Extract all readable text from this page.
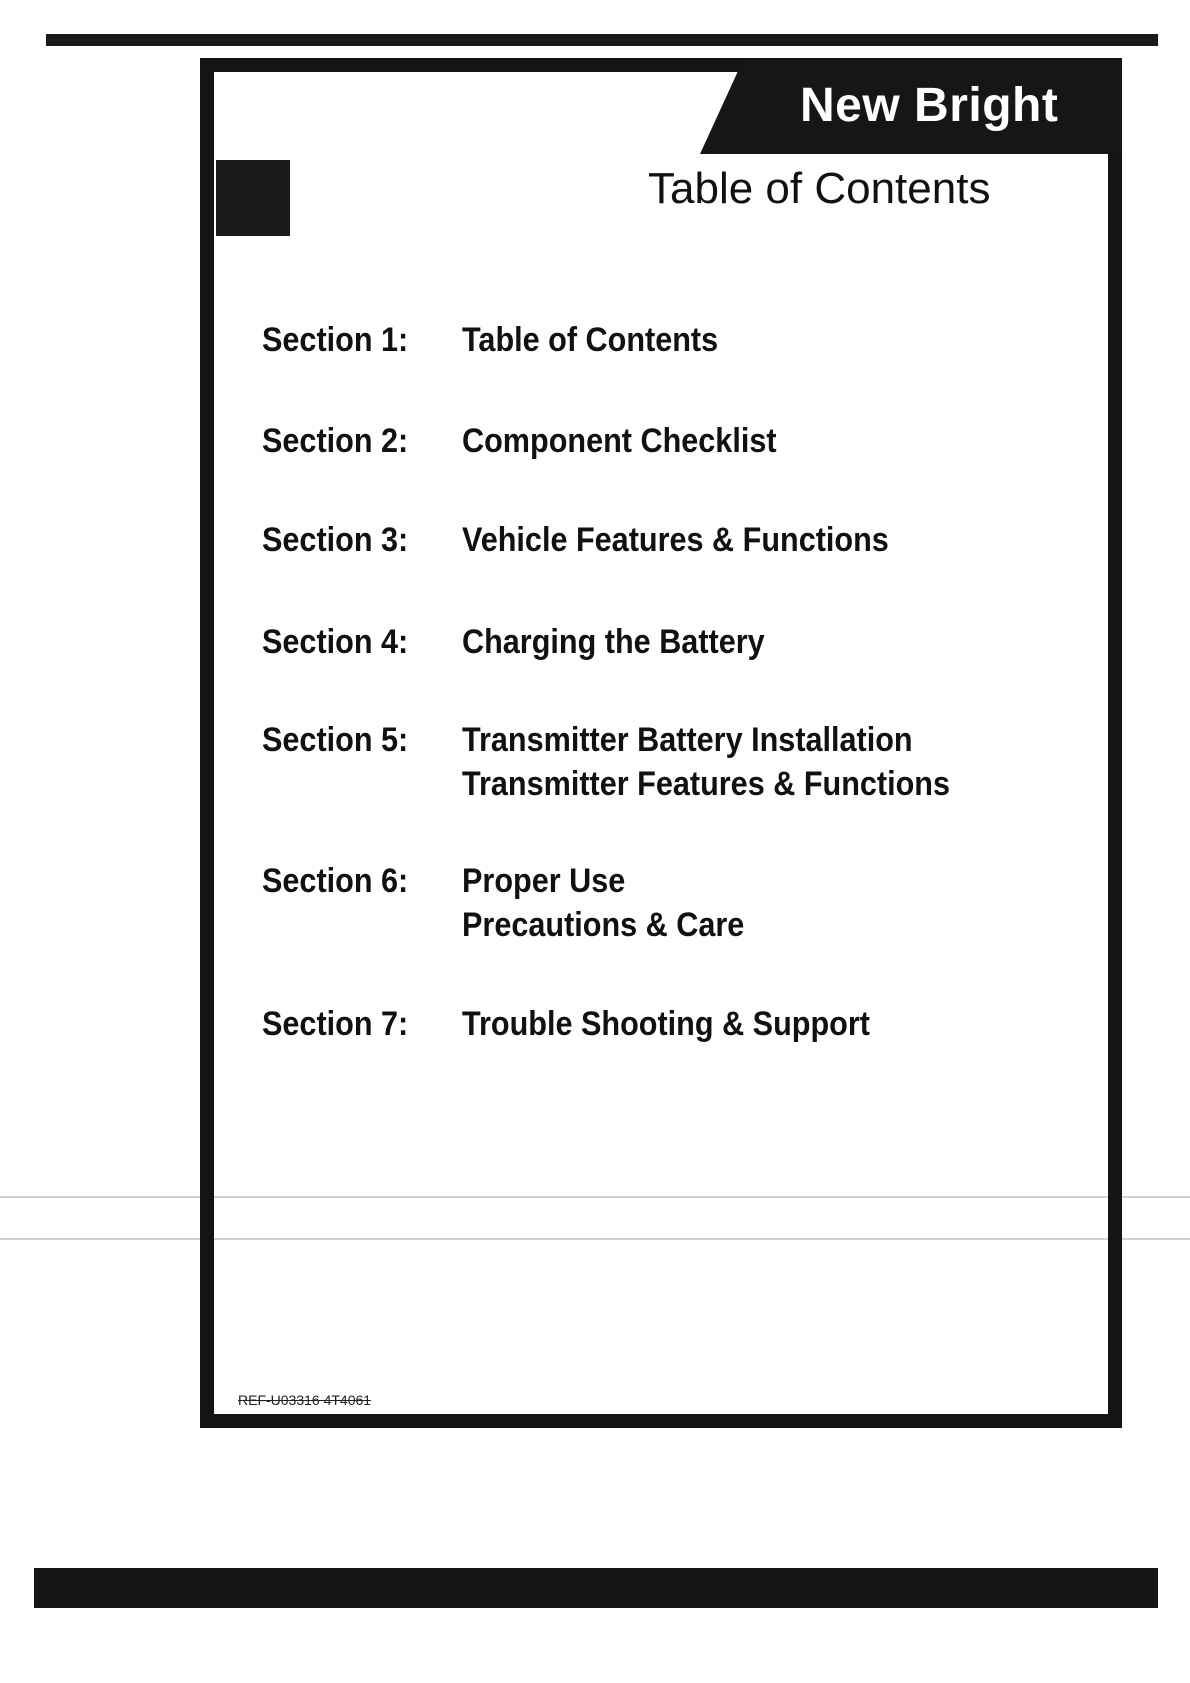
New Bright
Table of Contents
Section 1:	Table of Contents
Section 2:	Component Checklist
Section 3:	Vehicle Features & Functions
Section 4:	Charging the Battery
Section 5:	Transmitter Battery Installation
Transmitter Features & Functions
Section 6:	Proper Use
Precautions & Care
Section 7:	Trouble Shooting & Support
REF-U03316 4T4061
